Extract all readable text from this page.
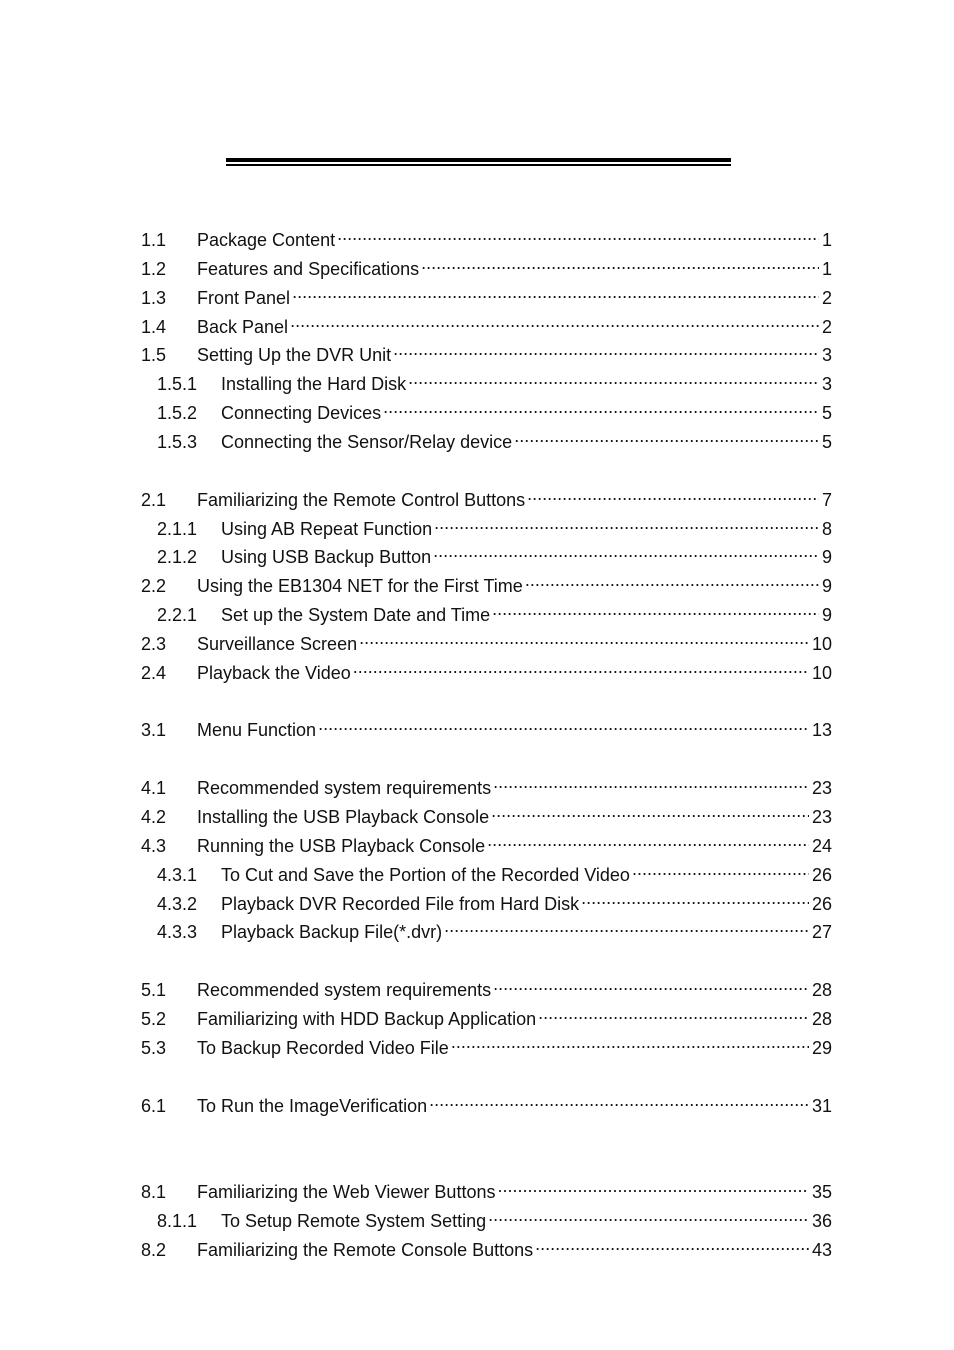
1.1	Package Content .....	1
1.2	Features and Specifications .....	1
1.3	Front Panel .....	2
1.4	Back Panel .....	2
1.5	Setting Up the DVR Unit .....	3
1.5.1	Installing the Hard Disk .....	3
1.5.2	Connecting Devices .....	5
1.5.3	Connecting the Sensor/Relay device .....	5
2.1	Familiarizing the Remote Control Buttons .....	7
2.1.1	Using AB Repeat Function .....	8
2.1.2	Using USB Backup Button .....	9
2.2	Using the EB1304 NET for the First Time .....	9
2.2.1	Set up the System Date and Time .....	9
2.3	Surveillance Screen .....	10
2.4	Playback the Video .....	10
3.1	Menu Function .....	13
4.1	Recommended system requirements .....	23
4.2	Installing the USB Playback Console .....	23
4.3	Running the USB Playback Console .....	24
4.3.1	To Cut and Save the Portion of the Recorded Video .....	26
4.3.2	Playback DVR Recorded File from Hard Disk .....	26
4.3.3	Playback Backup File(*.dvr) .....	27
5.1	Recommended system requirements .....	28
5.2	Familiarizing with HDD Backup Application .....	28
5.3	To Backup Recorded Video File .....	29
6.1	To Run the ImageVerification .....	31
8.1	Familiarizing the Web Viewer Buttons .....	35
8.1.1	To Setup Remote System Setting .....	36
8.2	Familiarizing the Remote Console Buttons .....	43
